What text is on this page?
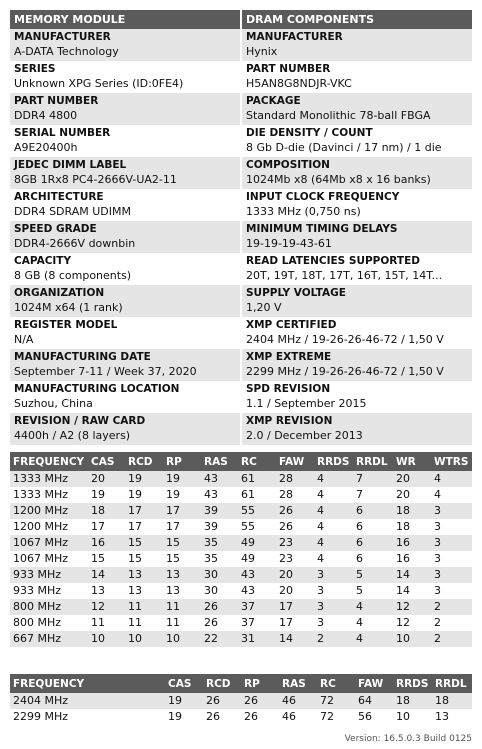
MEMORY MODULE
MANUFACTURER
A-DATA Technology
SERIES
Unknown XPG Series (ID:0FE4)
PART NUMBER
DDR4 4800
SERIAL NUMBER
A9E20400h
JEDEC DIMM LABEL
8GB 1Rx8 PC4-2666V-UA2-11
ARCHITECTURE
DDR4 SDRAM UDIMM
SPEED GRADE
DDR4-2666V downbin
CAPACITY
8 GB (8 components)
ORGANIZATION
1024M x64 (1 rank)
REGISTER MODEL
N/A
MANUFACTURING DATE
September 7-11 / Week 37, 2020
MANUFACTURING LOCATION
Suzhou, China
REVISION / RAW CARD
4400h / A2 (8 layers)
DRAM COMPONENTS
MANUFACTURER
Hynix
PART NUMBER
H5AN8G8NDJR-VKC
PACKAGE
Standard Monolithic 78-ball FBGA
DIE DENSITY / COUNT
8 Gb D-die (Davinci / 17 nm) / 1 die
COMPOSITION
1024Mb x8 (64Mb x8 x 16 banks)
INPUT CLOCK FREQUENCY
1333 MHz (0,750 ns)
MINIMUM TIMING DELAYS
19-19-19-43-61
READ LATENCIES SUPPORTED
20T, 19T, 18T, 17T, 16T, 15T, 14T...
SUPPLY VOLTAGE
1,20 V
XMP CERTIFIED
2404 MHz / 19-26-26-46-72 / 1,50 V
XMP EXTREME
2299 MHz / 19-26-26-46-72 / 1,50 V
SPD REVISION
1.1 / September 2015
XMP REVISION
2.0 / December 2013
FREQUENCY	CAS	RCD	RP	RAS	RC	FAW	RRDS	RRDL	WR	WTRS
1333 MHz	20	19	19	43	61	28	4	7	20	4
1333 MHz	19	19	19	43	61	28	4	7	20	4
1200 MHz	18	17	17	39	55	26	4	6	18	3
1200 MHz	17	17	17	39	55	26	4	6	18	3
1067 MHz	16	15	15	35	49	23	4	6	16	3
1067 MHz	15	15	15	35	49	23	4	6	16	3
933 MHz	14	13	13	30	43	20	3	5	14	3
933 MHz	13	13	13	30	43	20	3	5	14	3
800 MHz	12	11	11	26	37	17	3	4	12	2
800 MHz	11	11	11	26	37	17	3	4	12	2
667 MHz	10	10	10	22	31	14	2	4	10	2
FREQUENCY	CAS	RCD	RP	RAS	RC	FAW	RRDS	RRDL
2404 MHz	19	26	26	46	72	64	18	18
2299 MHz	19	26	26	46	72	56	10	13
Version: 16.5.0.3 Build 0125
